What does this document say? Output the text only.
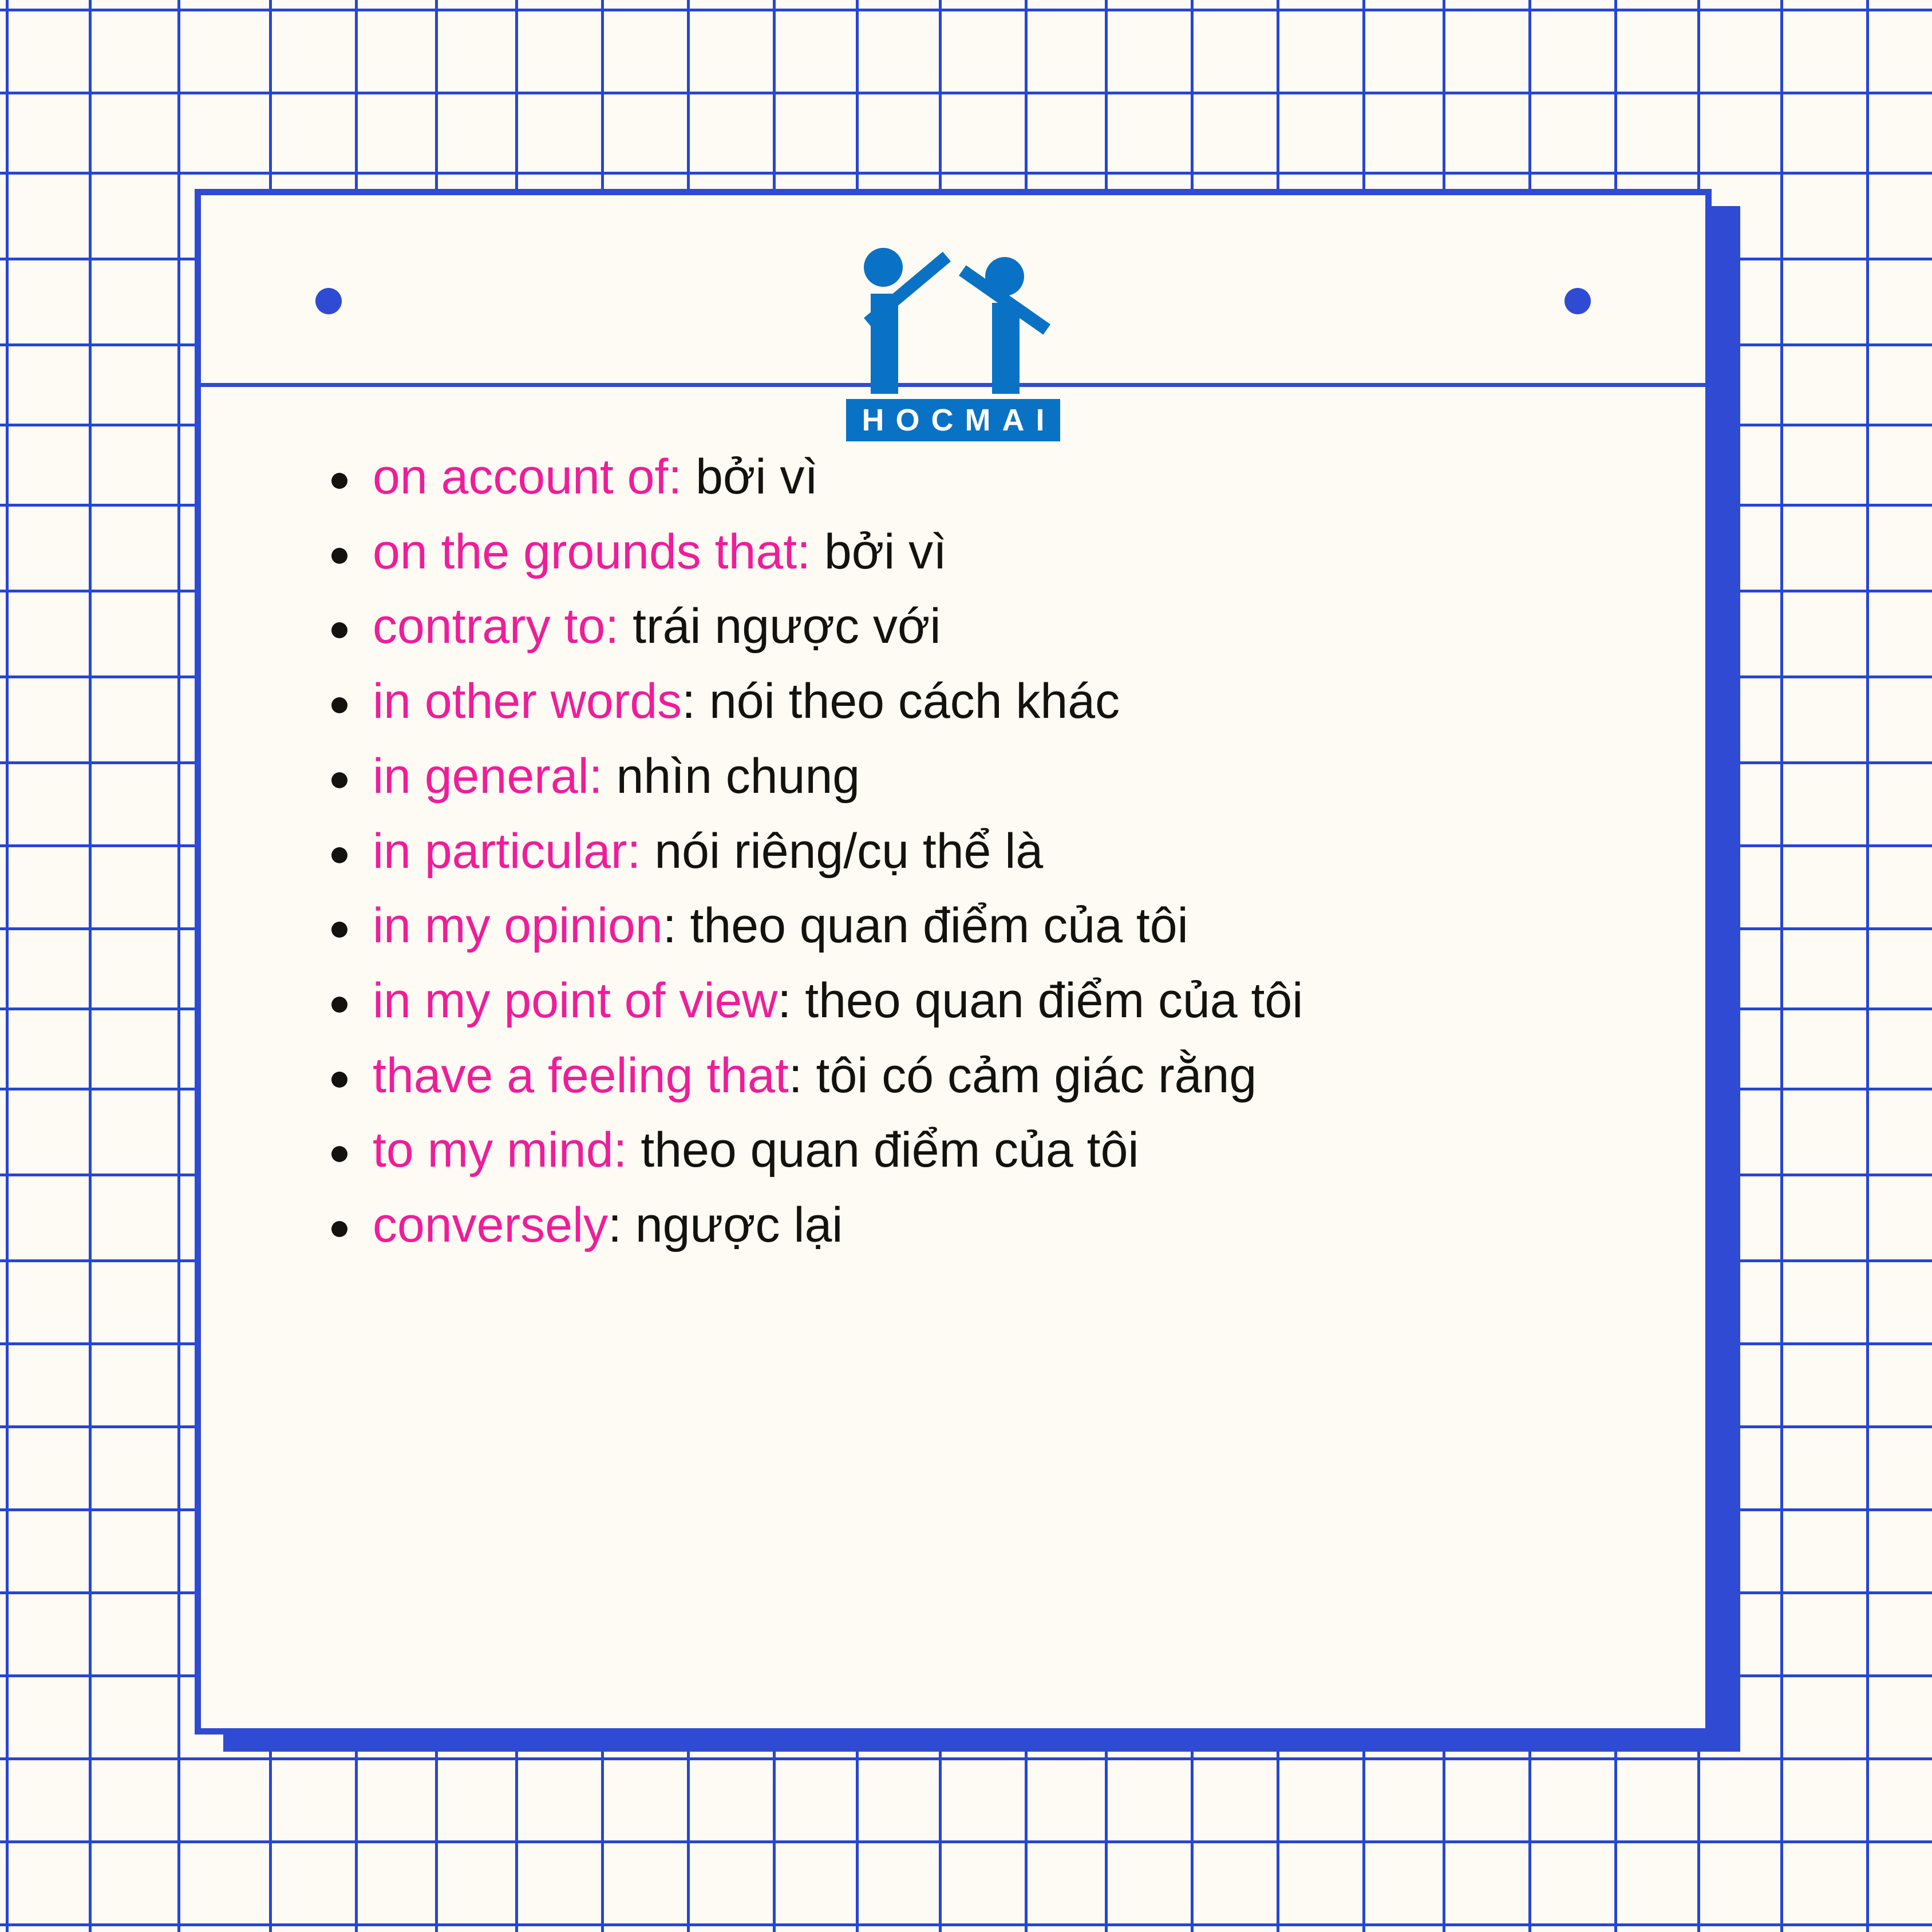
HOCMAI
on account of: bởi vì
on the grounds that: bởi vì
contrary to: trái ngược với
in other words: nói theo cách khác
in general: nhìn chung
in particular: nói riêng/cụ thể là
in my opinion: theo quan điểm của tôi
in my point of view: theo quan điểm của tôi
thave a feeling that: tôi có cảm giác rằng
to my mind: theo quan điểm của tôi
conversely: ngược lại
